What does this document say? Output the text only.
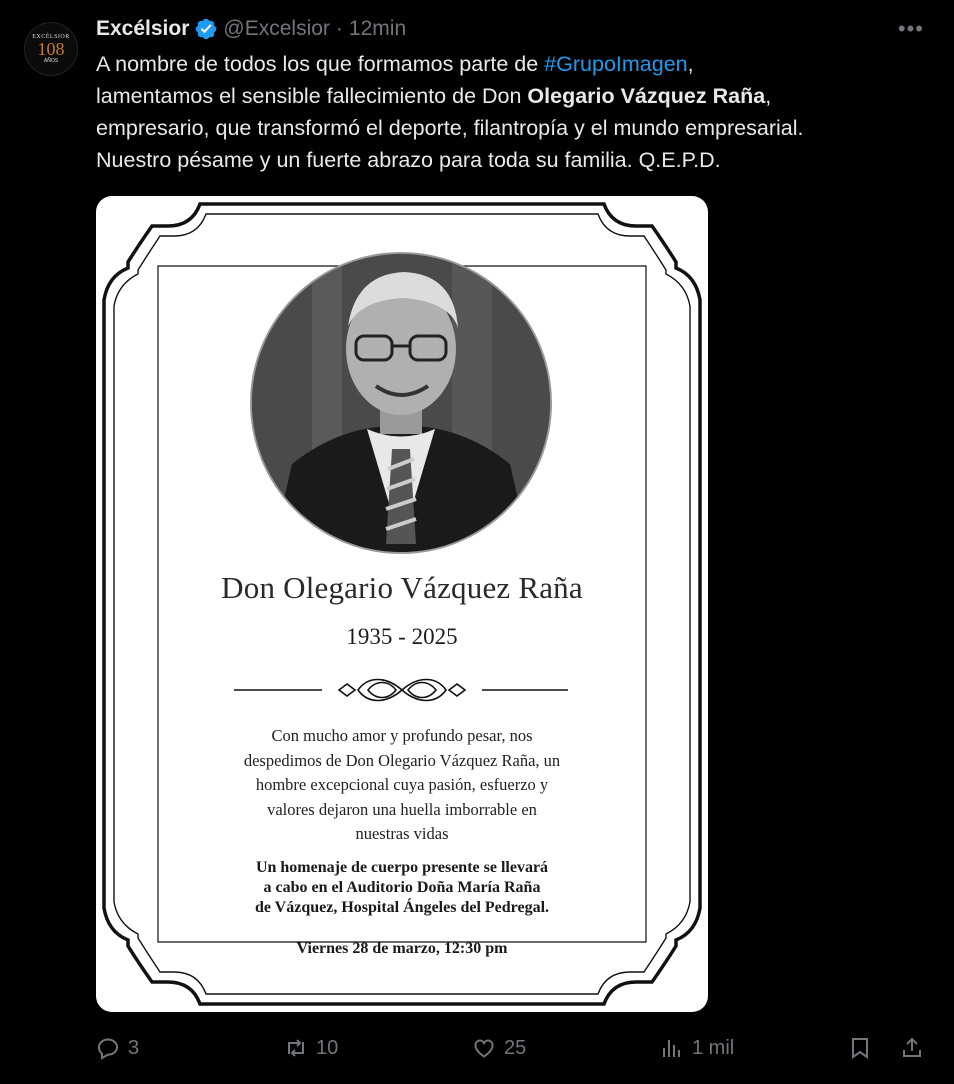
EXCÉLSIOR
108
AÑOS
Excélsior @Excelsior · 12min	•••
A nombre de todos los que formamos parte de #GrupoImagen,
lamentamos el sensible fallecimiento de Don Olegario Vázquez Raña,
empresario, que transformó el deporte, filantropía y el mundo empresarial.
Nuestro pésame y un fuerte abrazo para toda su familia. Q.E.P.D.
Don Olegario Vázquez Raña
1935 - 2025
Con mucho amor y profundo pesar, nos
despedimos de Don Olegario Vázquez Raña, un
hombre excepcional cuya pasión, esfuerzo y
valores dejaron una huella imborrable en
nuestras vidas
Un homenaje de cuerpo presente se llevará
a cabo en el Auditorio Doña María Raña
de Vázquez, Hospital Ángeles del Pedregal.
Viernes 28 de marzo, 12:30 pm
3	10	25	1 mil
